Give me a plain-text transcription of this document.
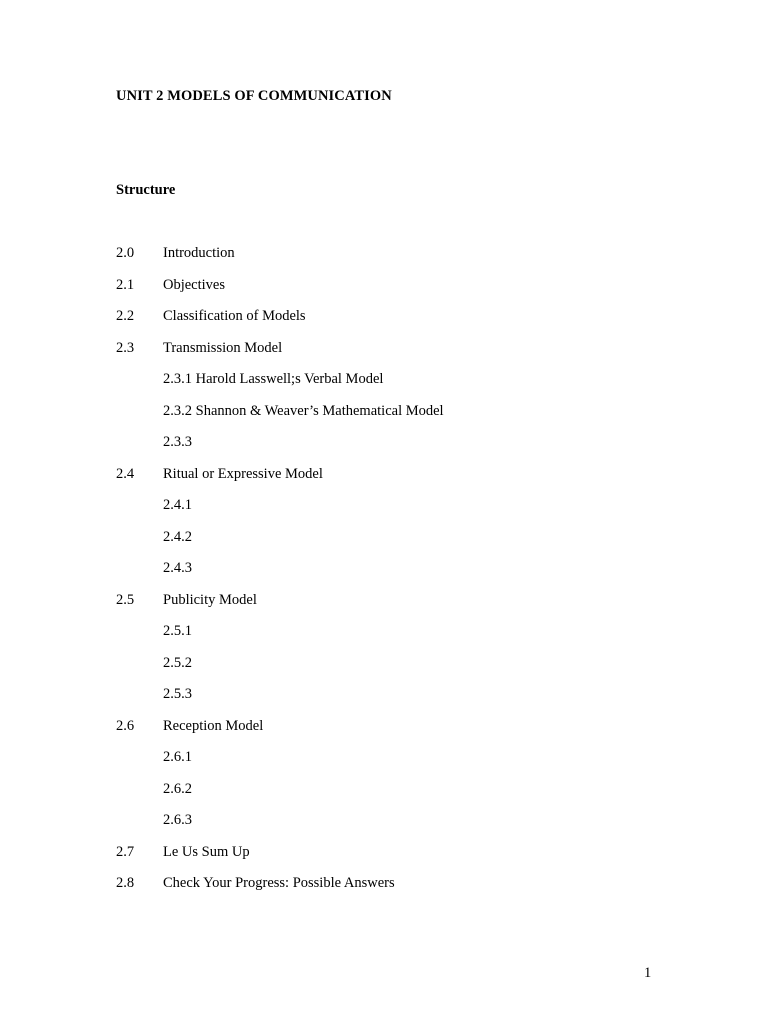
UNIT 2 MODELS OF COMMUNICATION
Structure
2.0 Introduction
2.1 Objectives
2.2 Classification of Models
2.3 Transmission Model
2.3.1 Harold Lasswell;s Verbal Model
2.3.2 Shannon & Weaver’s Mathematical Model
2.3.3
2.4 Ritual or Expressive Model
2.4.1
2.4.2
2.4.3
2.5 Publicity Model
2.5.1
2.5.2
2.5.3
2.6 Reception Model
2.6.1
2.6.2
2.6.3
2.7 Le Us Sum Up
2.8 Check Your Progress: Possible Answers
1
